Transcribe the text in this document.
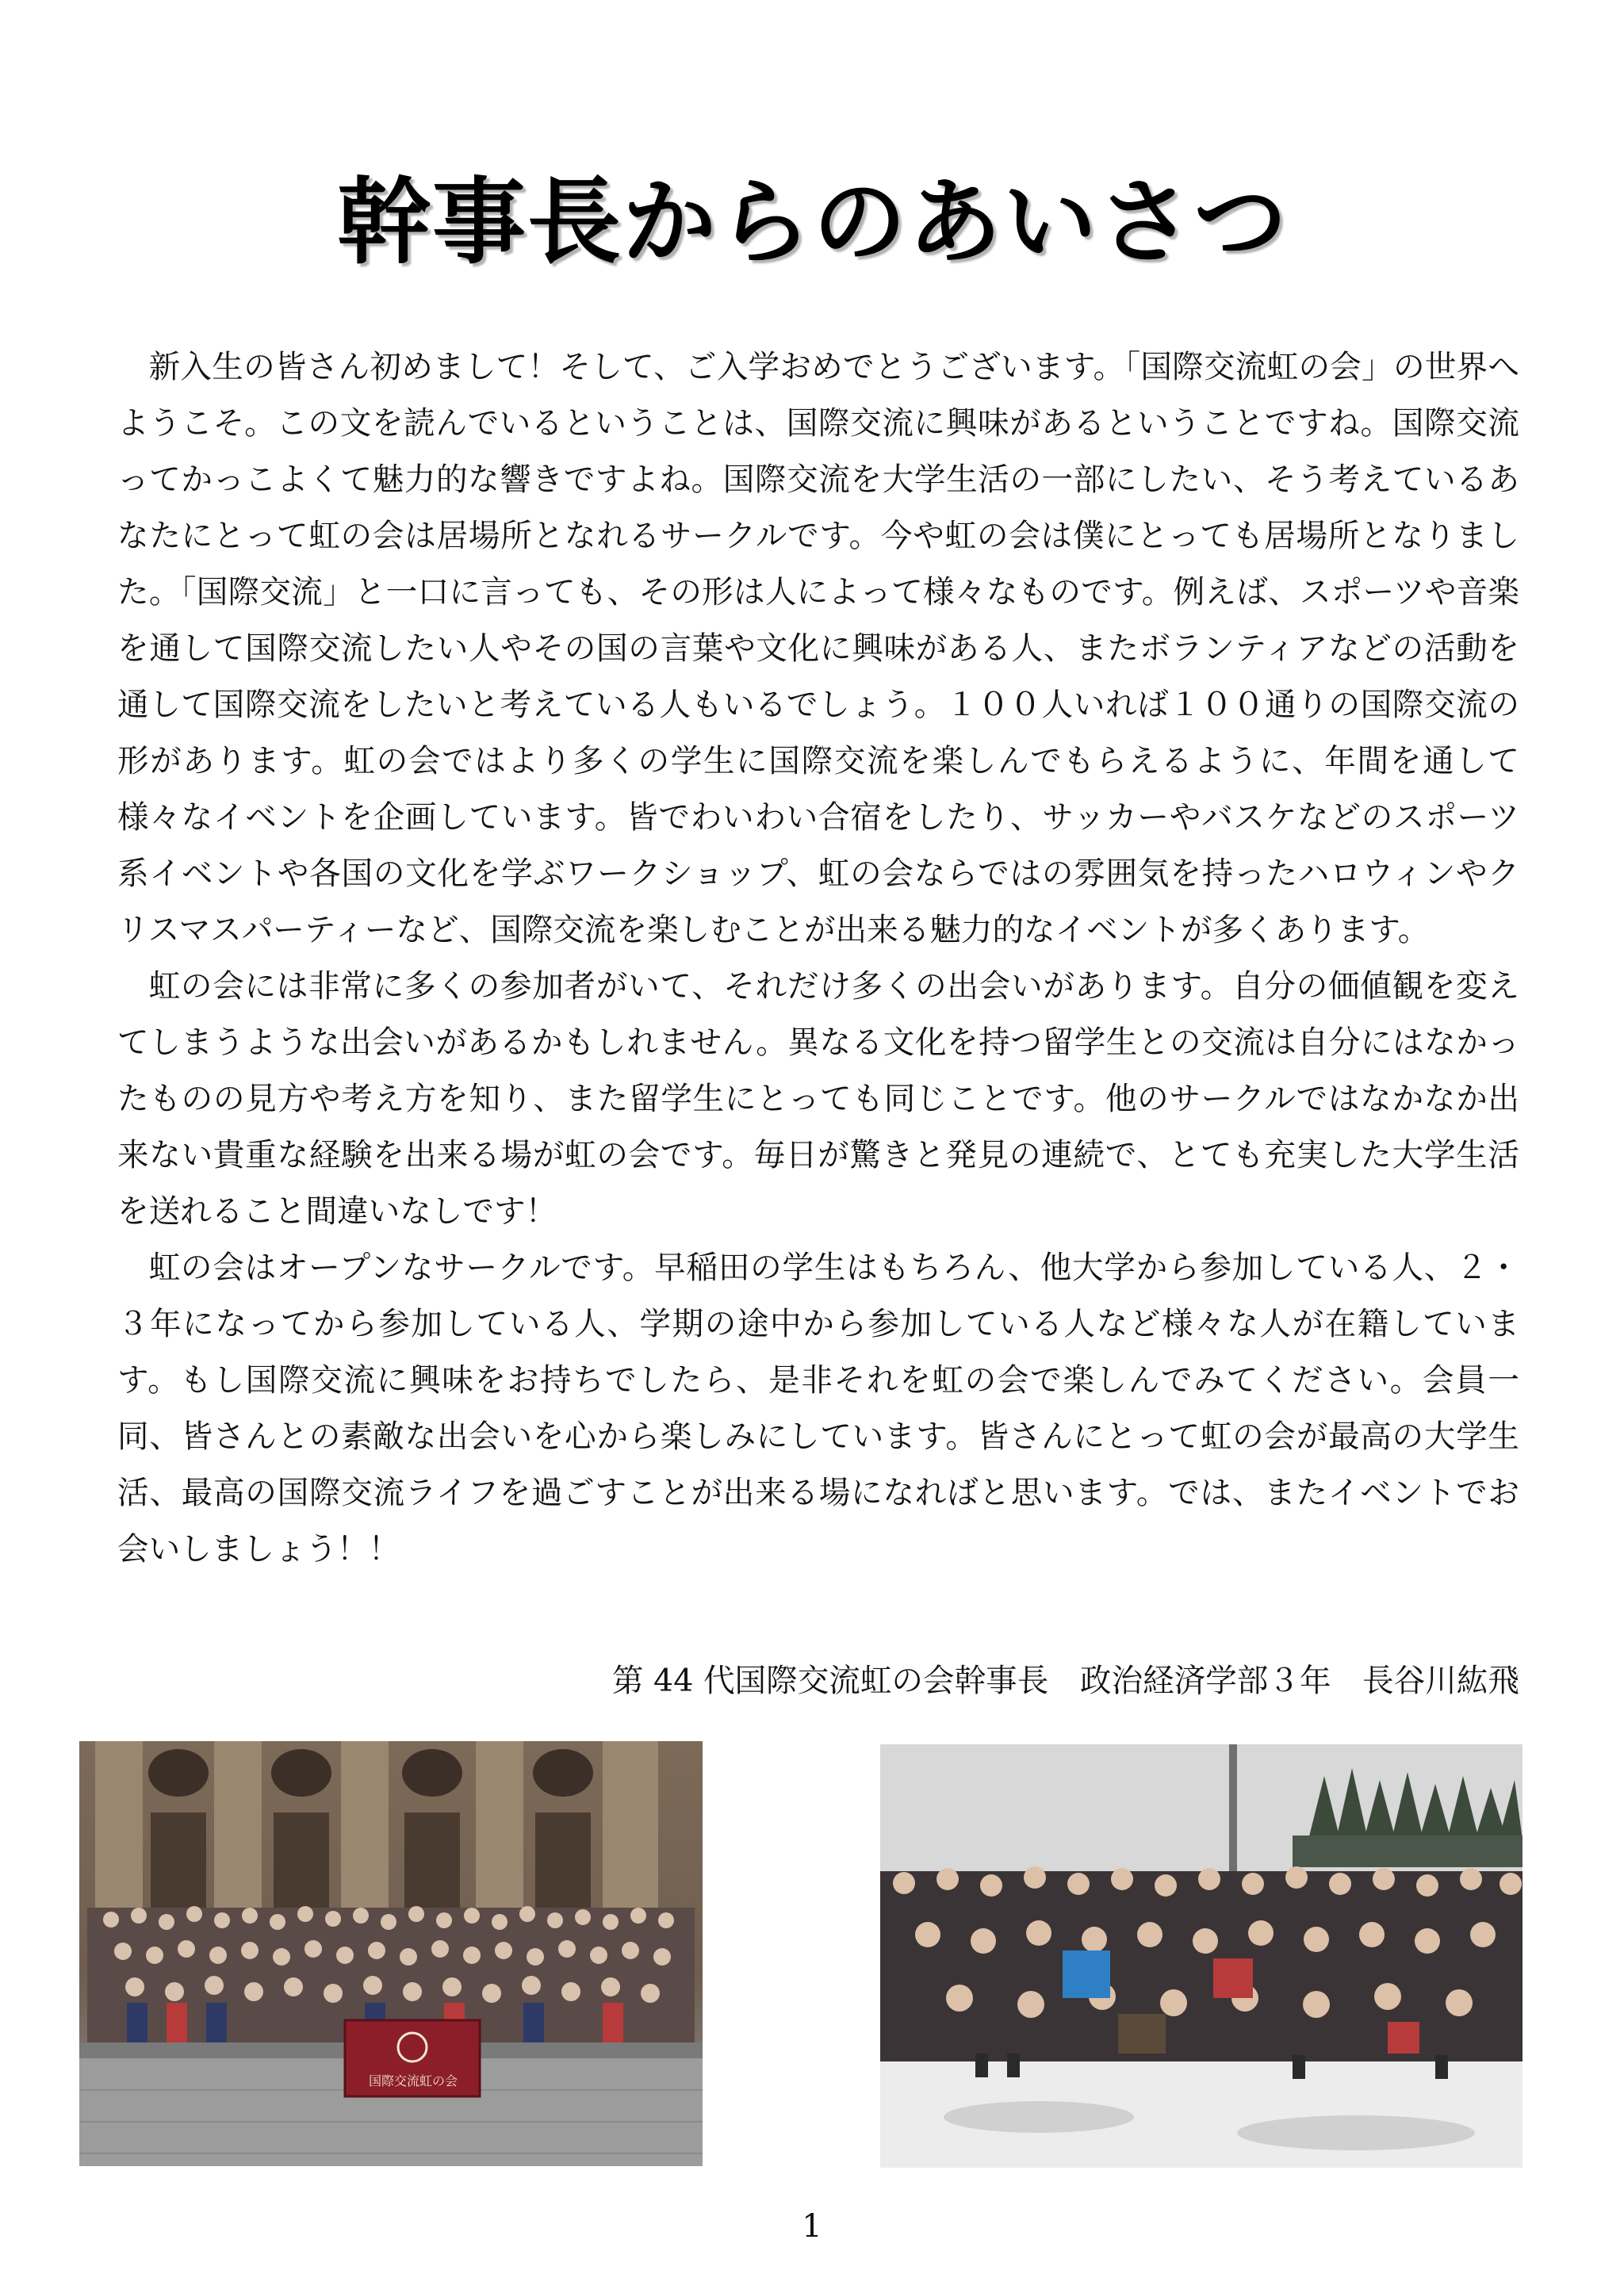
幹事長からのあいさつ

新入生の皆さん初めまして！そして、ご入学おめでとうございます。「国際交流虹の会」の世界へようこそ。この文を読んでいるということは、国際交流に興味があるということですね。国際交流ってかっこよくて魅力的な響きですよね。国際交流を大学生活の一部にしたい、そう考えているあなたにとって虹の会は居場所となれるサークルです。今や虹の会は僕にとっても居場所となりました。「国際交流」と一口に言っても、その形は人によって様々なものです。例えば、スポーツや音楽を通して国際交流したい人やその国の言葉や文化に興味がある人、またボランティアなどの活動を通して国際交流をしたいと考えている人もいるでしょう。１００人いれば１００通りの国際交流の形があります。虹の会ではより多くの学生に国際交流を楽しんでもらえるように、年間を通して様々なイベントを企画しています。皆でわいわい合宿をしたり、サッカーやバスケなどのスポーツ系イベントや各国の文化を学ぶワークショップ、虹の会ならではの雰囲気を持ったハロウィンやクリスマスパーティーなど、国際交流を楽しむことが出来る魅力的なイベントが多くあります。

虹の会には非常に多くの参加者がいて、それだけ多くの出会いがあります。自分の価値観を変えてしまうような出会いがあるかもしれません。異なる文化を持つ留学生との交流は自分にはなかったものの見方や考え方を知り、また留学生にとっても同じことです。他のサークルではなかなか出来ない貴重な経験を出来る場が虹の会です。毎日が驚きと発見の連続で、とても充実した大学生活を送れること間違いなしです！

虹の会はオープンなサークルです。早稲田の学生はもちろん、他大学から参加している人、２・３年になってから参加している人、学期の途中から参加している人など様々な人が在籍しています。もし国際交流に興味をお持ちでしたら、是非それを虹の会で楽しんでみてください。会員一同、皆さんとの素敵な出会いを心から楽しみにしています。皆さんにとって虹の会が最高の大学生活、最高の国際交流ライフを過ごすことが出来る場になればと思います。では、またイベントでお会いしましょう！！

第 44 代国際交流虹の会幹事長　政治経済学部３年　長谷川紘飛
国際交流虹の会
1
